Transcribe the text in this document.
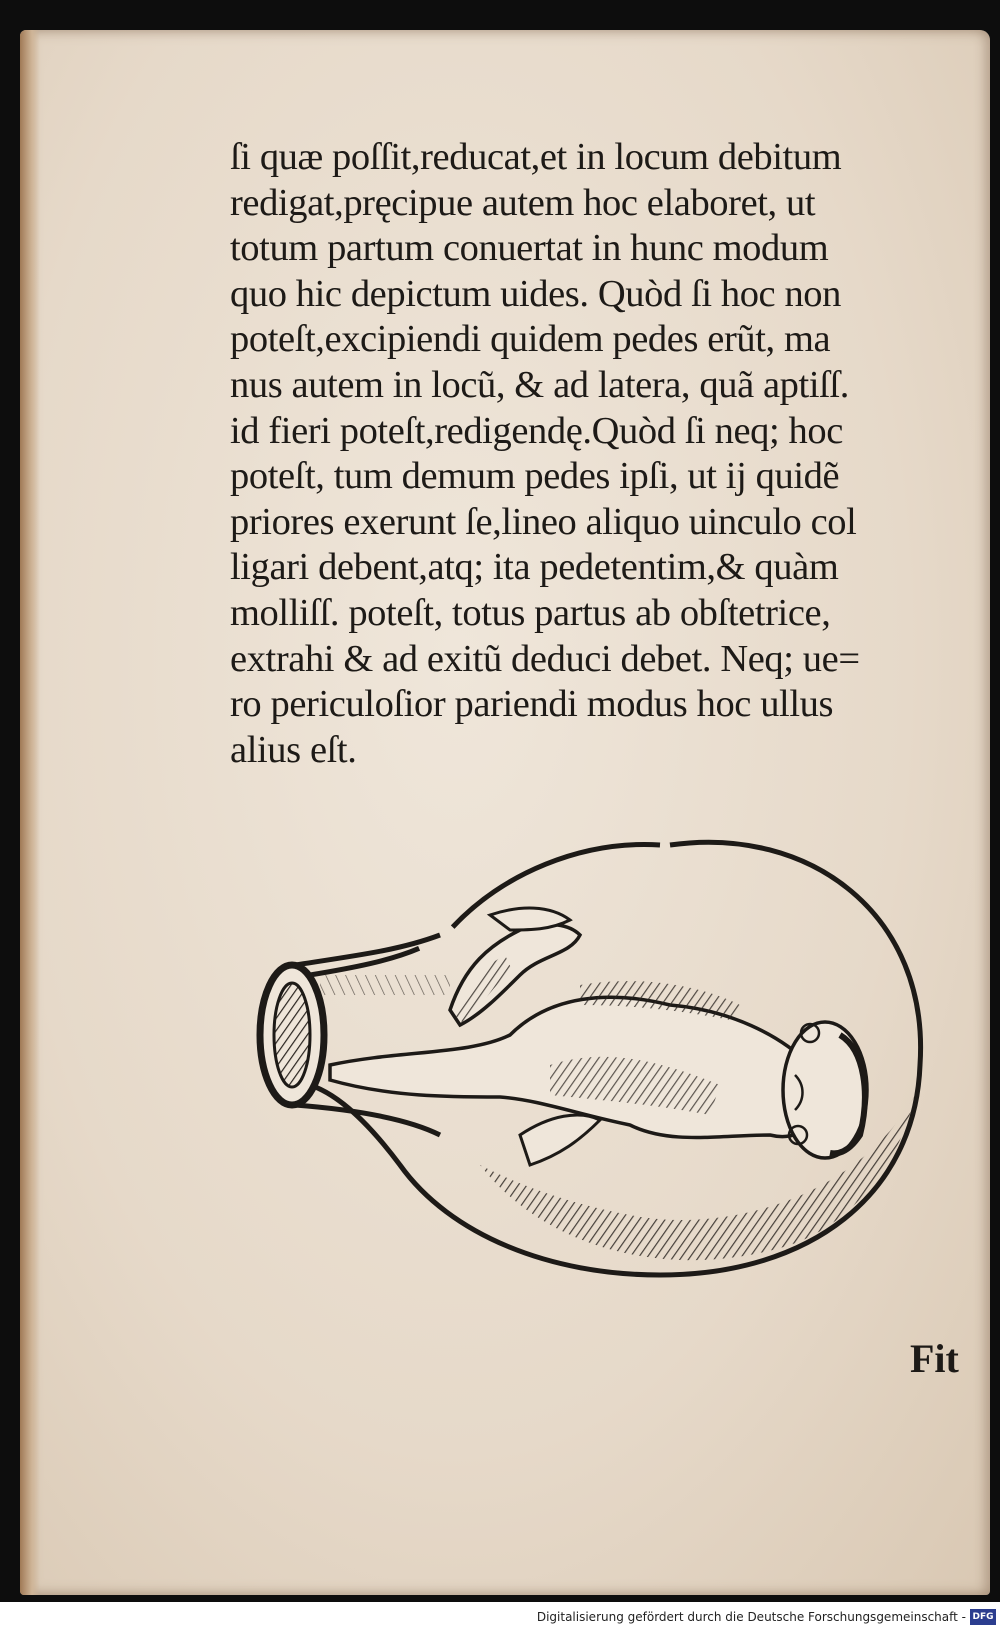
ſi quæ poſſit,reducat,et in locum debitum
redigat,pręcipue autem hoc elaboret, ut
totum partum conuertat in hunc modum
quo hic depictum uides. Quòd ſi hoc non
poteſt,excipiendi quidem pedes erũt, ma
nus autem in locũ, & ad latera, quã aptiſſ.
id fieri poteſt,redigendę.Quòd ſi neq; hoc
poteſt, tum demum pedes ipſi, ut ij quidẽ
priores exerunt ſe,lineo aliquo uinculo col
ligari debent,atq; ita pedetentim,& quàm
molliſſ. poteſt, totus partus ab obſtetrice,
extrahi & ad exitũ deduci debet. Neq; ue=
ro periculoſior pariendi modus hoc ullus
alius eſt.
Fit
Digitalisierung gefördert durch die Deutsche Forschungsgemeinschaft - DFG
